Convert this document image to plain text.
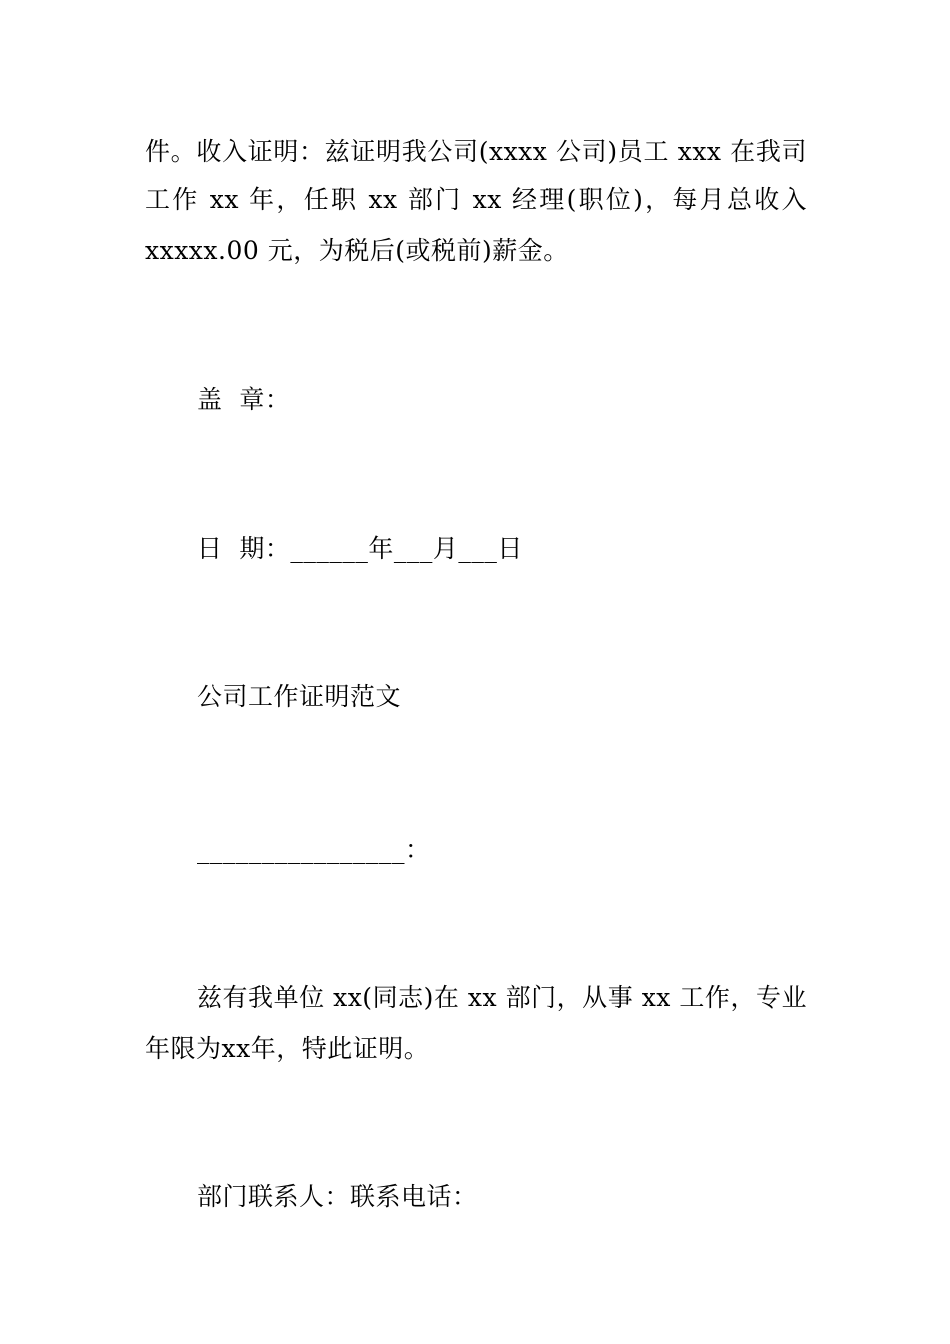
件。收入证明：兹证明我公司(xxxx 公司)员工 xxx 在我司
工作 xx 年，任职 xx 部门 xx 经理(职位)，每月总收入
xxxxx.00 元，为税后(或税前)薪金。
盖  章：
日  期：______年___月___日
公司工作证明范文
________________：
兹有我单位 xx(同志)在 xx 部门，从事 xx 工作，专业
年限为xx年，特此证明。
部门联系人：联系电话：
